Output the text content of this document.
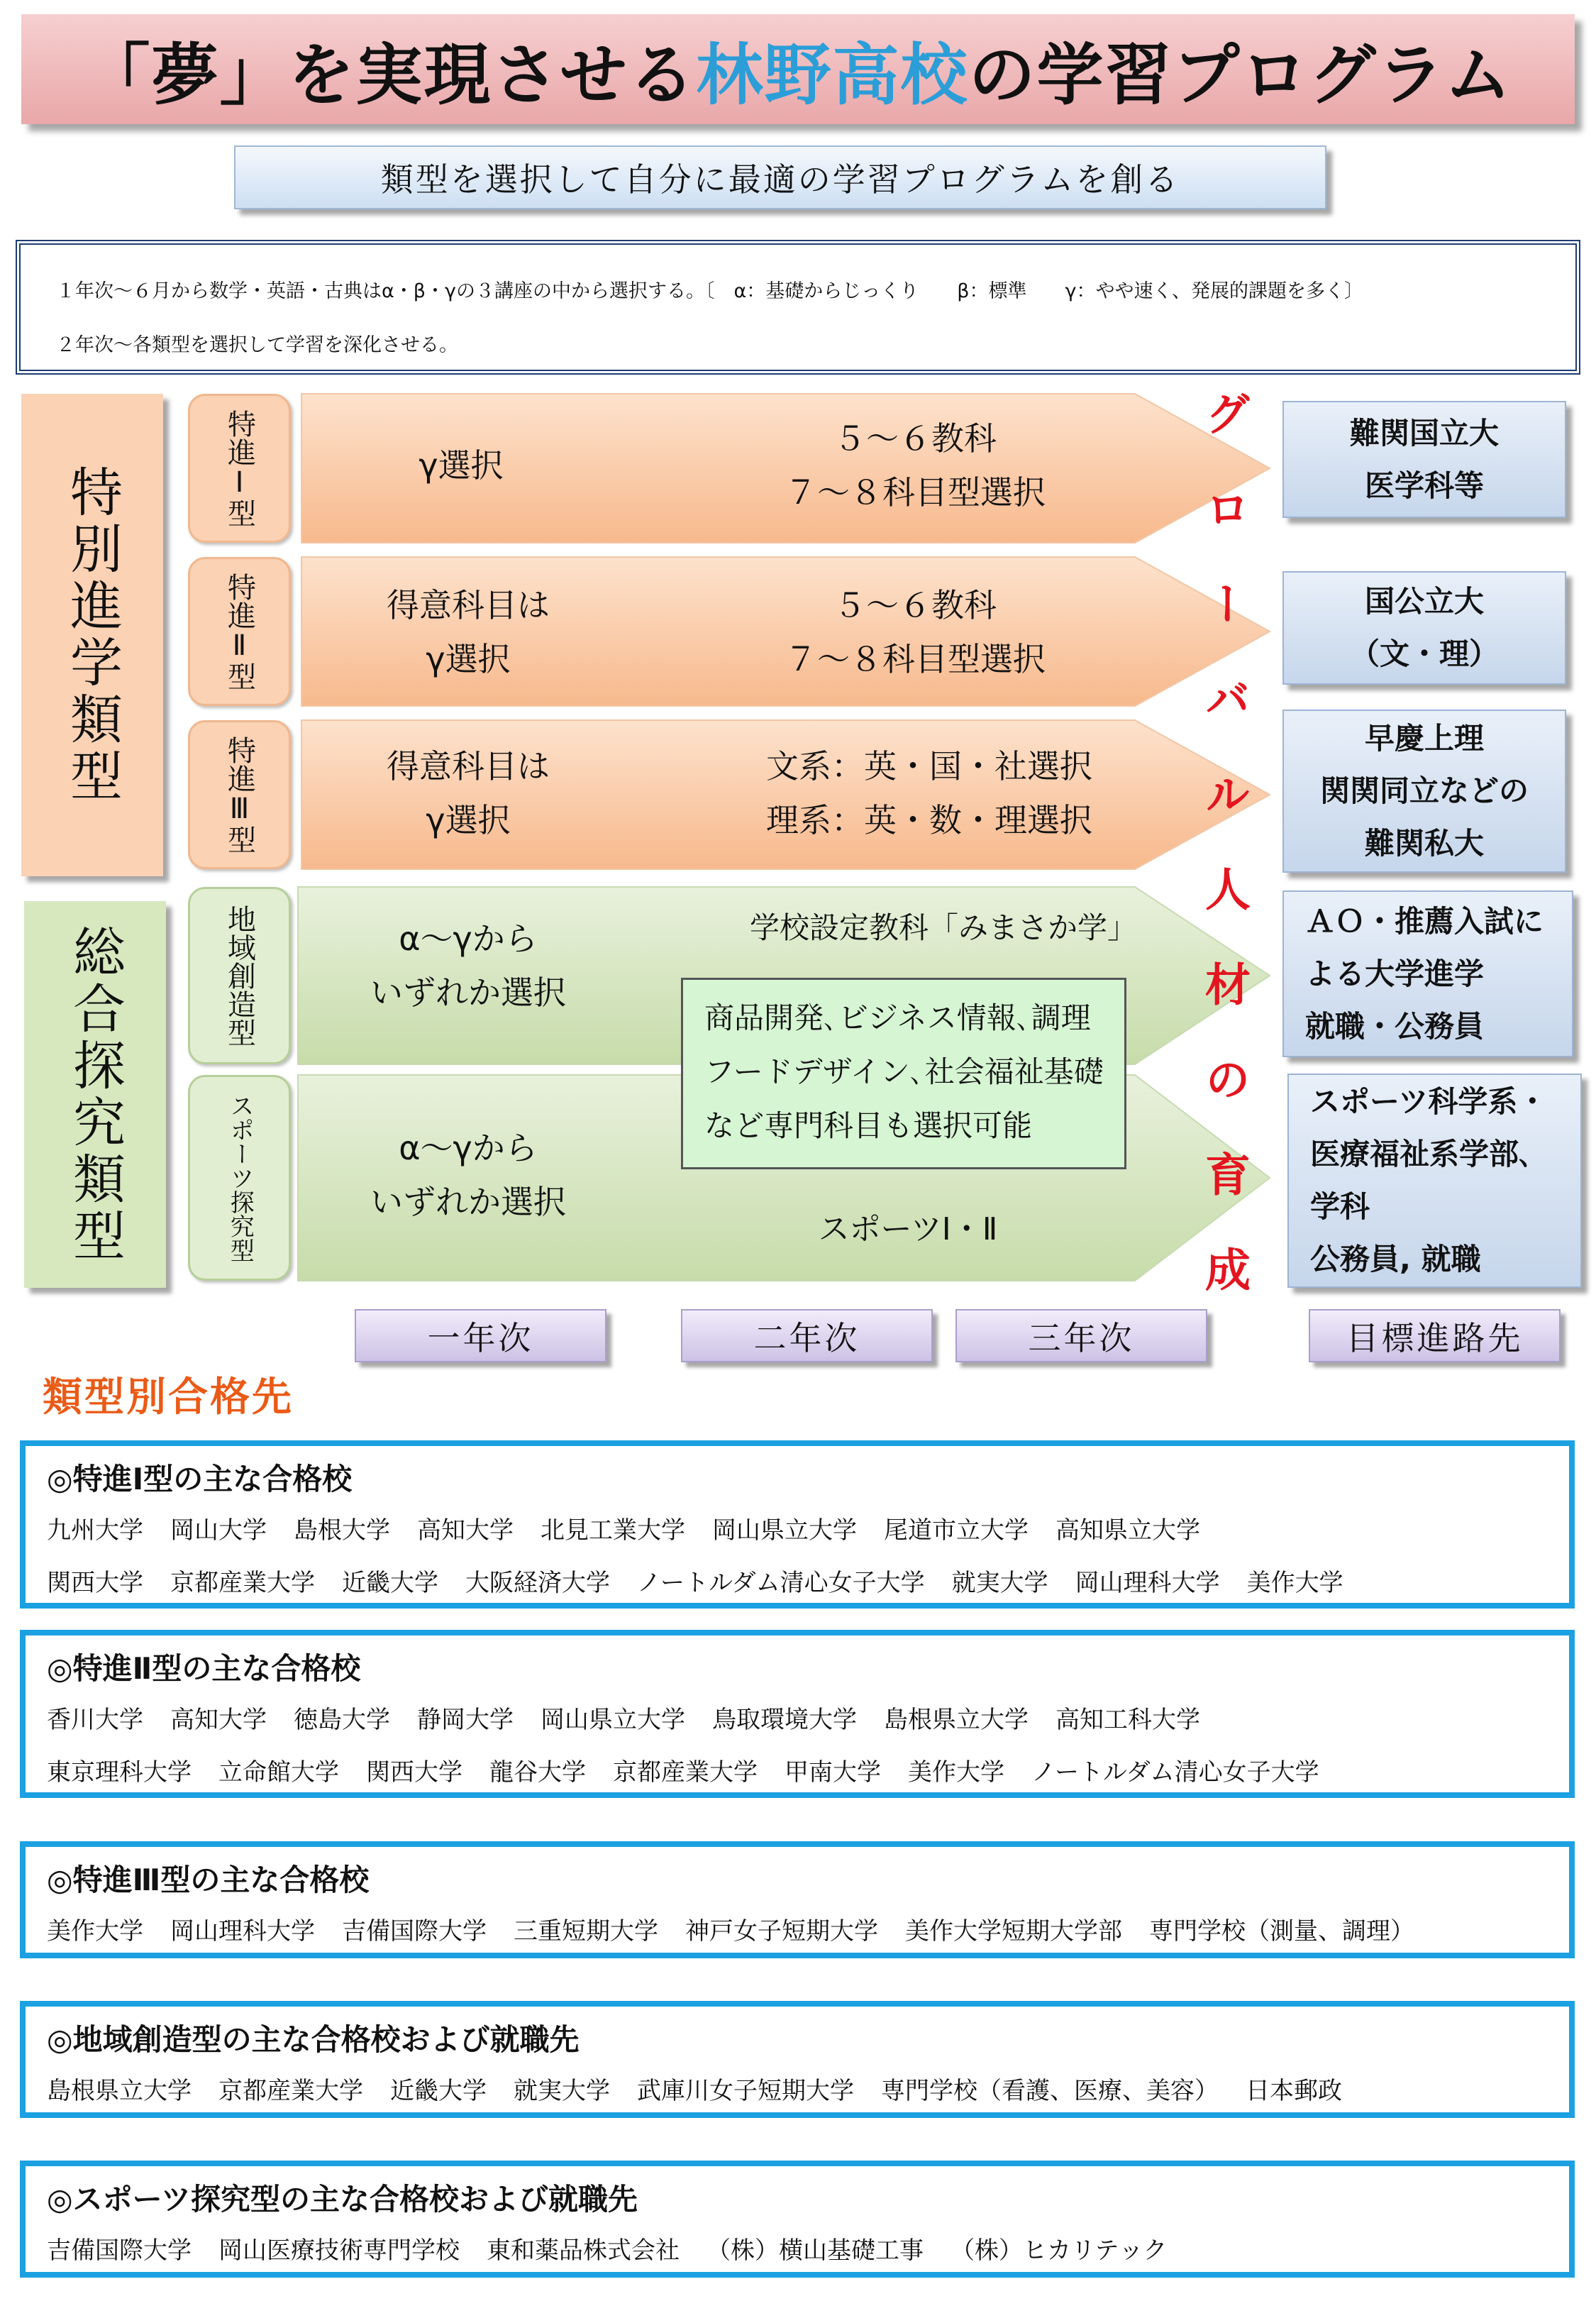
「夢」を実現させる 林野高校 の学習プログラム
類型を選択して自分に最適の学習プログラムを創る

１年次～６月から数学・英語・古典はα・β・γの３講座の中から選択する。〔　α：基礎からじっくり　　β：標準　　γ：やや速く、発展的課題を多く〕

２年次～各類型を選択して学習を深化させる。

特別進学類型
総合探究類型
特進Ⅰ型
特進Ⅱ型
特進Ⅲ型
地域創造型
スポーツ探究型
γ選択
５～６教科
７～８科目型選択
得意科目は
γ選択
５～６教科
７～８科目型選択
得意科目は
γ選択
文系：英・国・社選択
理系：英・数・理選択
α～γから
いずれか選択
学校設定教科「みまさか学」
α～γから
いずれか選択
スポーツⅠ・Ⅱ
商品開発､ビジネス情報､調理
フードデザイン､社会福祉基礎
など専門科目も選択可能
グ
ロ
ー
バ
ル
人
材
の
育
成
難関国立大
医学科等
国公立大
（文・理）
早慶上理
関関同立などの
難関私大
ＡＯ・推薦入試に
よる大学進学
就職・公務員
スポーツ科学系・
医療福祉系学部､
学科
公務員, 就職
一年次	二年次	三年次	目標進路先
類型別合格先
◎特進Ⅰ型の主な合格校
九州大学 岡山大学 島根大学 高知大学 北見工業大学 岡山県立大学 尾道市立大学 高知県立大学
関西大学 京都産業大学 近畿大学 大阪経済大学 ノートルダム清心女子大学 就実大学 岡山理科大学 美作大学
◎特進Ⅱ型の主な合格校
香川大学 高知大学 徳島大学 静岡大学 岡山県立大学 鳥取環境大学 島根県立大学 高知工科大学
東京理科大学 立命館大学 関西大学 龍谷大学 京都産業大学 甲南大学 美作大学 ノートルダム清心女子大学
◎特進Ⅲ型の主な合格校
美作大学 岡山理科大学 吉備国際大学 三重短期大学 神戸女子短期大学 美作大学短期大学部 専門学校（測量、調理）
◎地域創造型の主な合格校および就職先
島根県立大学 京都産業大学 近畿大学 就実大学 武庫川女子短期大学 専門学校（看護、医療、美容） 日本郵政
◎スポーツ探究型の主な合格校および就職先
吉備国際大学 岡山医療技術専門学校 東和薬品株式会社 （株）横山基礎工事 （株）ヒカリテック
